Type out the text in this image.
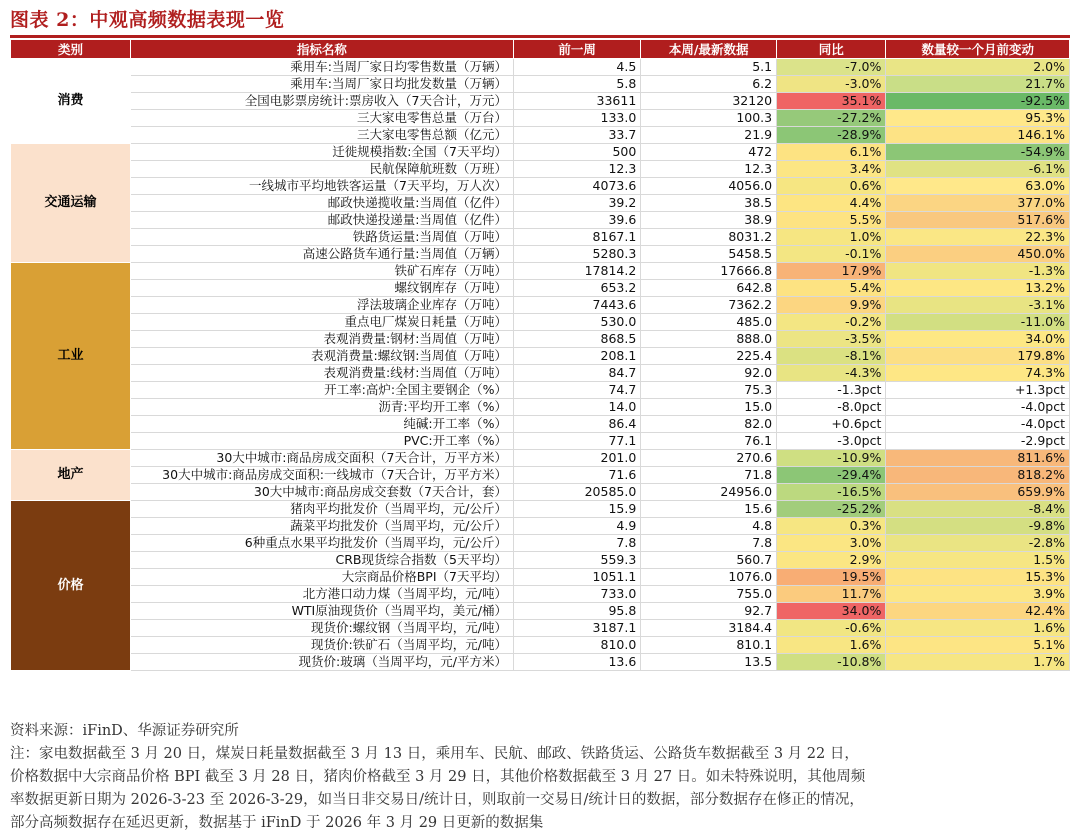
图表 2：中观高频数据表现一览
类别	指标名称	前一周	本周/最新数据	同比	数量较一个月前变动
消费	乘用车:当周厂家日均零售数量（万辆）	4.5	5.1	-7.0%	2.0%
	乘用车:当周厂家日均批发数量（万辆）	5.8	6.2	-3.0%	21.7%
	全国电影票房统计:票房收入（7天合计，万元）	33611	32120	35.1%	-92.5%
	三大家电零售总量（万台）	133.0	100.3	-27.2%	95.3%
	三大家电零售总额（亿元）	33.7	21.9	-28.9%	146.1%
交通运输	迁徙规模指数:全国（7天平均）	500	472	6.1%	-54.9%
	民航保障航班数（万班）	12.3	12.3	3.4%	-6.1%
	一线城市平均地铁客运量（7天平均，万人次）	4073.6	4056.0	0.6%	63.0%
	邮政快递揽收量:当周值（亿件）	39.2	38.5	4.4%	377.0%
	邮政快递投递量:当周值（亿件）	39.6	38.9	5.5%	517.6%
	铁路货运量:当周值（万吨）	8167.1	8031.2	1.0%	22.3%
	高速公路货车通行量:当周值（万辆）	5280.3	5458.5	-0.1%	450.0%
工业	铁矿石库存（万吨）	17814.2	17666.8	17.9%	-1.3%
	螺纹钢库存（万吨）	653.2	642.8	5.4%	13.2%
	浮法玻璃企业库存（万吨）	7443.6	7362.2	9.9%	-3.1%
	重点电厂煤炭日耗量（万吨）	530.0	485.0	-0.2%	-11.0%
	表观消费量:钢材:当周值（万吨）	868.5	888.0	-3.5%	34.0%
	表观消费量:螺纹钢:当周值（万吨）	208.1	225.4	-8.1%	179.8%
	表观消费量:线材:当周值（万吨）	84.7	92.0	-4.3%	74.3%
	开工率:高炉:全国主要钢企（%）	74.7	75.3	-1.3pct	+1.3pct
	沥青:平均开工率（%）	14.0	15.0	-8.0pct	-4.0pct
	纯碱:开工率（%）	86.4	82.0	+0.6pct	-4.0pct
	PVC:开工率（%）	77.1	76.1	-3.0pct	-2.9pct
地产	30大中城市:商品房成交面积（7天合计，万平方米）	201.0	270.6	-10.9%	811.6%
	30大中城市:商品房成交面积:一线城市（7天合计，万平方米）	71.6	71.8	-29.4%	818.2%
	30大中城市:商品房成交套数（7天合计，套）	20585.0	24956.0	-16.5%	659.9%
价格	猪肉平均批发价（当周平均，元/公斤）	15.9	15.6	-25.2%	-8.4%
	蔬菜平均批发价（当周平均，元/公斤）	4.9	4.8	0.3%	-9.8%
	6种重点水果平均批发价（当周平均，元/公斤）	7.8	7.8	3.0%	-2.8%
	CRB现货综合指数（5天平均）	559.3	560.7	2.9%	1.5%
	大宗商品价格BPI（7天平均）	1051.1	1076.0	19.5%	15.3%
	北方港口动力煤（当周平均，元/吨）	733.0	755.0	11.7%	3.9%
	WTI原油现货价（当周平均，美元/桶）	95.8	92.7	34.0%	42.4%
	现货价:螺纹钢（当周平均，元/吨）	3187.1	3184.4	-0.6%	1.6%
	现货价:铁矿石（当周平均，元/吨）	810.0	810.1	1.6%	5.1%
	现货价:玻璃（当周平均，元/平方米）	13.6	13.5	-10.8%	1.7%
资料来源：iFinD、华源证券研究所
注：家电数据截至 3 月 20 日，煤炭日耗量数据截至 3 月 13 日，乘用车、民航、邮政、铁路货运、公路货车数据截至 3 月 22 日，
价格数据中大宗商品价格 BPI 截至 3 月 28 日，猪肉价格截至 3 月 29 日，其他价格数据截至 3 月 27 日。如未特殊说明，其他周频
率数据更新日期为 2026-3-23 至 2026-3-29，如当日非交易日/统计日，则取前一交易日/统计日的数据，部分数据存在修正的情况，
部分高频数据存在延迟更新，数据基于 iFinD 于 2026 年 3 月 29 日更新的数据集
